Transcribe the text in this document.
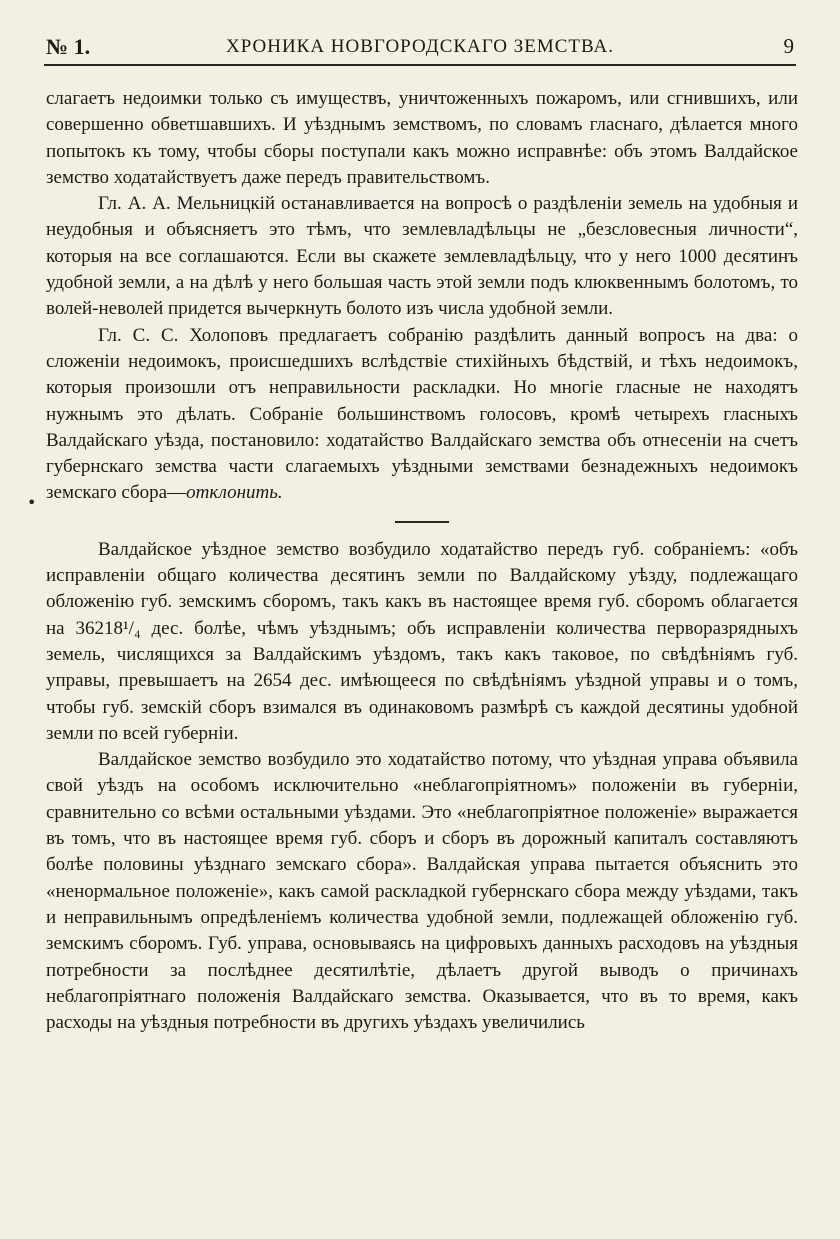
№ 1.	ХРОНИКА НОВГОРОДСКАГО ЗЕМСТВА.	9
•

слагаетъ недоимки только съ имуществъ, уничтоженныхъ пожаромъ, или сгнившихъ, или совершенно обветшавшихъ. И уѣзднымъ земствомъ, по словамъ гласнаго, дѣлается много попытокъ къ тому, чтобы сборы поступали какъ можно исправнѣе: объ этомъ Валдайское земство ходатайствуетъ даже передъ правительствомъ.

Гл. А. А. Мельницкій останавливается на вопросѣ о раздѣленіи земель на удобныя и неудобныя и объясняетъ это тѣмъ, что землевладѣльцы не „безсловесныя личности“, которыя на все соглашаются. Если вы скажете землевладѣльцу, что у него 1000 десятинъ удобной земли, а на дѣлѣ у него большая часть этой земли подъ клюквеннымъ болотомъ, то волей-неволей придется вычеркнуть болото изъ числа удобной земли.

Гл. С. С. Холоповъ предлагаетъ собранію раздѣлить данный вопросъ на два: о сложеніи недоимокъ, происшедшихъ вслѣдствіе стихійныхъ бѣдствій, и тѣхъ недоимокъ, которыя произошли отъ неправильности раскладки. Но многіе гласные не находятъ нужнымъ это дѣлать. Собраніе большинствомъ голосовъ, кромѣ четырехъ гласныхъ Валдайскаго уѣзда, постановило: ходатайство Валдайскаго земства объ отнесеніи на счетъ губернскаго земства части слагаемыхъ уѣздными земствами безнадежныхъ недоимокъ земскаго сбора—отклонить.

Валдайское уѣздное земство возбудило ходатайство передъ губ. собраніемъ: «объ исправленіи общаго количества десятинъ земли по Валдайскому уѣзду, подлежащаго обложенію губ. земскимъ сборомъ, такъ какъ въ настоящее время губ. сборомъ облагается на 36218¹/₄ дес. болѣе, чѣмъ уѣзднымъ; объ исправленіи количества перворазрядныхъ земель, числящихся за Валдайскимъ уѣздомъ, такъ какъ таковое, по свѣдѣніямъ губ. управы, превышаетъ на 2654 дес. имѣющееся по свѣдѣніямъ уѣздной управы и о томъ, чтобы губ. земскій сборъ взимался въ одинаковомъ размѣрѣ съ каждой десятины удобной земли по всей губерніи.

Валдайское земство возбудило это ходатайство потому, что уѣздная управа объявила свой уѣздъ на особомъ исключительно «неблагопріятномъ» положеніи въ губерніи, сравнительно со всѣми остальными уѣздами. Это «неблагопріятное положеніе» выражается въ томъ, что въ настоящее время губ. сборъ и сборъ въ дорожный капиталъ составляютъ болѣе половины уѣзднаго земскаго сбора». Валдайская управа пытается объяснить это «ненормальное положеніе», какъ самой раскладкой губернскаго сбора между уѣздами, такъ и неправильнымъ опредѣленіемъ количества удобной земли, подлежащей обложенію губ. земскимъ сборомъ. Губ. управа, основываясь на цифровыхъ данныхъ расходовъ на уѣздныя потребности за послѣднее десятилѣтіе, дѣлаетъ другой выводъ о причинахъ неблагопріятнаго положенія Валдайскаго земства. Оказывается, что въ то время, какъ расходы на уѣздныя потребности въ другихъ уѣздахъ увеличились
